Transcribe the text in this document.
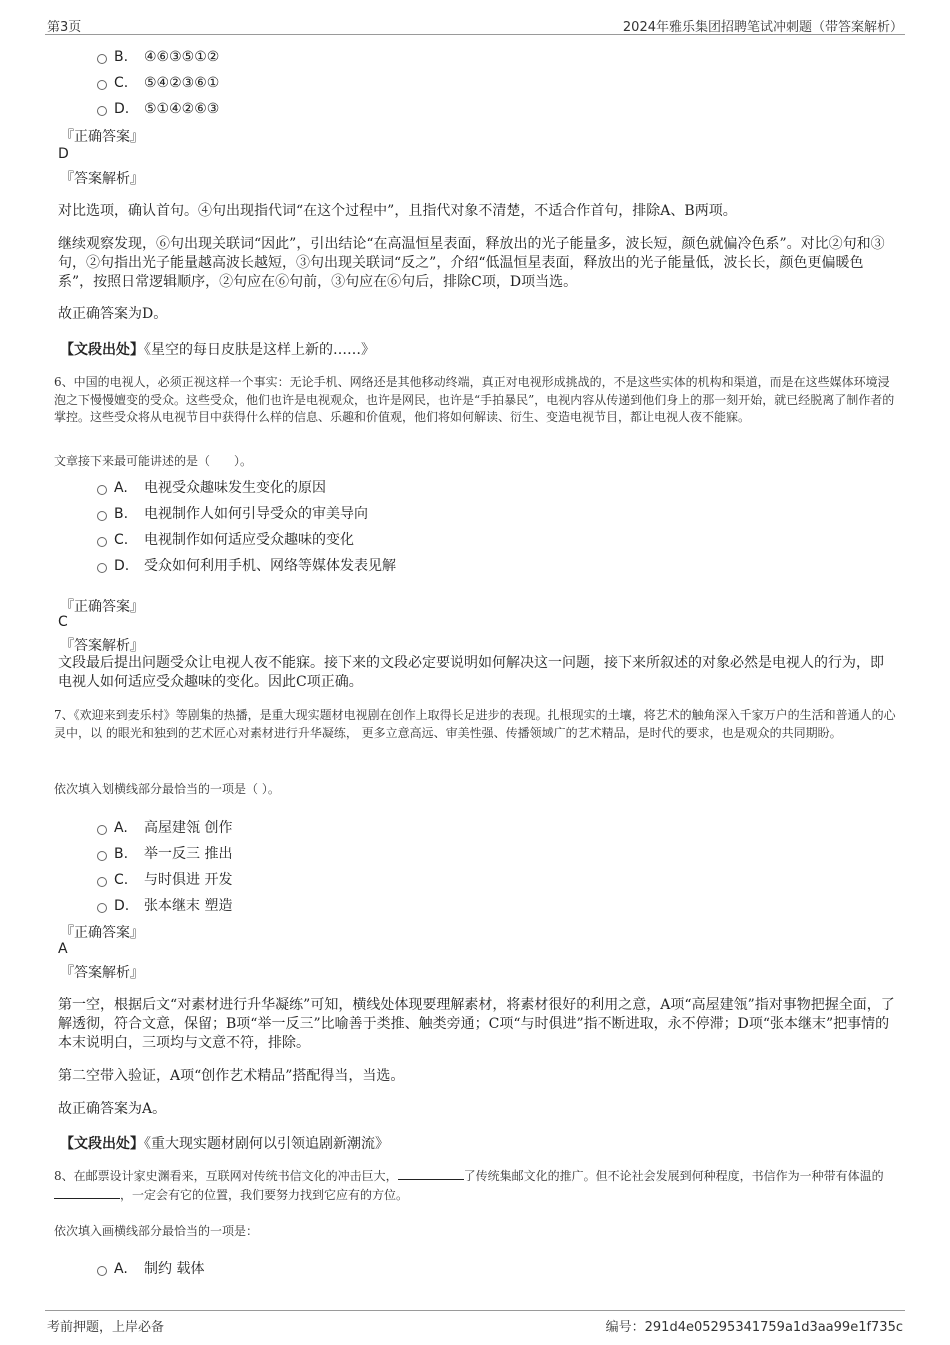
第3页	2024年雅乐集团招聘笔试冲刺题（带答案解析）
B. ④⑥③⑤①②
C. ⑤④②③⑥①
D. ⑤①④②⑥③
『正确答案』
D
『答案解析』
对比选项，确认首句。④句出现指代词“在这个过程中”，且指代对象不清楚，不适合作首句，排除A、B两项。
继续观察发现，⑥句出现关联词“因此”，引出结论“在高温恒星表面，释放出的光子能量多，波长短，颜色就偏冷色系”。对比②句和③句，②句指出光子能量越高波长越短，③句出现关联词“反之”，介绍“低温恒星表面，释放出的光子能量低，波长长，颜色更偏暖色系”，按照日常逻辑顺序，②句应在⑥句前，③句应在⑥句后，排除C项，D项当选。
故正确答案为D。
【文段出处】《星空的每日皮肤是这样上新的……》
6、中国的电视人，必须正视这样一个事实：无论手机、网络还是其他移动终端，真正对电视形成挑战的，不是这些实体的机构和渠道，而是在这些媒体环境浸泡之下慢慢嬗变的受众。这些受众，他们也许是电视观众，也许是网民，也许是“手拍暴民”，电视内容从传递到他们身上的那一刻开始，就已经脱离了制作者的掌控。这些受众将从电视节目中获得什么样的信息、乐趣和价值观，他们将如何解读、衍生、变造电视节目，都让电视人夜不能寐。
文章接下来最可能讲述的是（　　）。
A. 电视受众趣味发生变化的原因
B. 电视制作人如何引导受众的审美导向
C. 电视制作如何适应受众趣味的变化
D. 受众如何利用手机、网络等媒体发表见解
『正确答案』
C
『答案解析』
文段最后提出问题受众让电视人夜不能寐。接下来的文段必定要说明如何解决这一问题，接下来所叙述的对象必然是电视人的行为，即电视人如何适应受众趣味的变化。因此C项正确。
7、《欢迎来到麦乐村》等剧集的热播，是重大现实题材电视剧在创作上取得长足进步的表现。扎根现实的土壤，将艺术的触角深入千家万户的生活和普通人的心灵中，以 的眼光和独到的艺术匠心对素材进行升华凝练， 更多立意高远、审美性强、传播领域广的艺术精品，是时代的要求，也是观众的共同期盼。
依次填入划横线部分最恰当的一项是（ ）。
A. 高屋建瓴 创作
B. 举一反三 推出
C. 与时俱进 开发
D. 张本继末 塑造
『正确答案』
A
『答案解析』
第一空，根据后文“对素材进行升华凝练”可知，横线处体现要理解素材，将素材很好的利用之意，A项“高屋建瓴”指对事物把握全面，了解透彻，符合文意，保留；B项“举一反三”比喻善于类推、触类旁通；C项“与时俱进”指不断进取，永不停滞；D项“张本继末”把事情的本末说明白，三项均与文意不符，排除。
第二空带入验证，A项“创作艺术精品”搭配得当，当选。
故正确答案为A。
【文段出处】《重大现实题材剧何以引领追剧新潮流》
8、在邮票设计家史渊看来，互联网对传统书信文化的冲击巨大，	了传统集邮文化的推广。但不论社会发展到何种程度，书信作为一种带有体温的，一定会有它的位置，我们要努力找到它应有的方位。
依次填入画横线部分最恰当的一项是：
A. 制约 载体
考前押题，上岸必备	编号：291d4e05295341759a1d3aa99e1f735c
